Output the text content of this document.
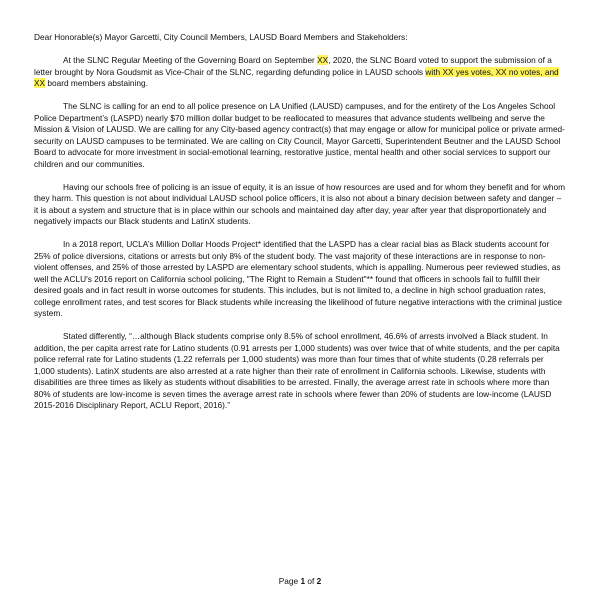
Dear Honorable(s) Mayor Garcetti, City Council Members, LAUSD Board Members and Stakeholders:

At the SLNC Regular Meeting of the Governing Board on September XX, 2020, the SLNC Board voted to support the submission of a letter brought by Nora Goudsmit as Vice-Chair of the SLNC, regarding defunding police in LAUSD schools with XX yes votes, XX no votes, and XX board members abstaining.

The SLNC is calling for an end to all police presence on LA Unified (LAUSD) campuses, and for the entirety of the Los Angeles School Police Department’s (LASPD) nearly $70 million dollar budget to be reallocated to measures that advance students wellbeing and serve the Mission & Vision of LAUSD. We are calling for any City-based agency contract(s) that may engage or allow for municipal police or private armed-security on LAUSD campuses to be terminated. We are calling on City Council, Mayor Garcetti, Superintendent Beutner and the LAUSD School Board to advocate for more investment in social-emotional learning, restorative justice, mental health and other social services to support our children and our communities.

Having our schools free of policing is an issue of equity, it is an issue of how resources are used and for whom they benefit and for whom they harm. This question is not about individual LAUSD school police officers, it is also not about a binary decision between safety and danger – it is about a system and structure that is in place within our schools and maintained day after day, year after year that disproportionately and negatively impacts our Black students and LatinX students.

In a 2018 report, UCLA’s Million Dollar Hoods Project* identified that the LASPD has a clear racial bias as Black students account for 25% of police diversions, citations or arrests but only 8% of the student body. The vast majority of these interactions are in response to non-violent offenses, and 25% of those arrested by LASPD are elementary school students, which is appalling. Numerous peer reviewed studies, as well the ACLU's 2016 report on California school policing, "The Right to Remain a Student"** found that officers in schools fail to fulfill their desired goals and in fact result in worse outcomes for students. This includes, but is not limited to, a decline in high school graduation rates, college enrollment rates, and test scores for Black students while increasing the likelihood of future negative interactions with the criminal justice system.

Stated differently, “…although Black students comprise only 8.5% of school enrollment, 46.6% of arrests involved a Black student. In addition, the per capita arrest rate for Latino students (0.91 arrests per 1,000 students) was over twice that of white students, and the per capita police referral rate for Latino students (1.22 referrals per 1,000 students) was more than four times that of white students (0.28 referrals per 1,000 students). LatinX students are also arrested at a rate higher than their rate of enrollment in California schools. Likewise, students with disabilities are three times as likely as students without disabilities to be arrested. Finally, the average arrest rate in schools where more than 80% of students are low-income is seven times the average arrest rate in schools where fewer than 20% of students are low-income (LAUSD 2015-2016 Disciplinary Report, ACLU Report, 2016).”

Page 1 of 2
